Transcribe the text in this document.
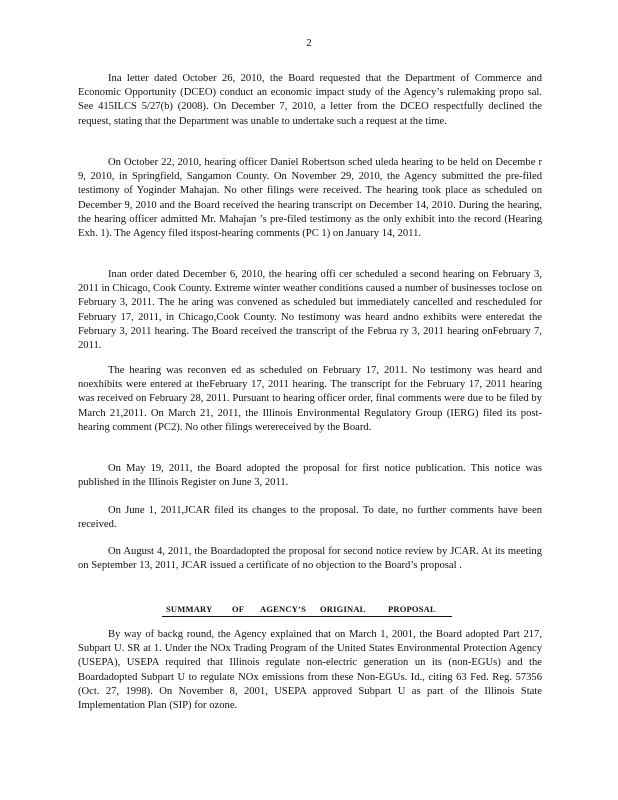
2
Ina letter dated October 26, 2010, the Board requested that the Department of Commerce and Economic Opportunity (DCEO) conduct an economic impact study of the Agency’s rulemaking propo sal. See 415ILCS 5/27(b) (2008). On December 7, 2010, a letter from the DCEO respectfully declined the request, stating that the Department was unable to undertake such a request at the time.
On October 22, 2010, hearing officer Daniel Robertson sched uleda hearing to be held on Decembe r 9, 2010, in Springfield, Sangamon County. On November 29, 2010, the Agency submitted the pre-filed testimony of Yoginder Mahajan. No other filings were received. The hearing took place as scheduled on December 9, 2010 and the Board received the hearing transcript on December 14, 2010. During the hearing, the hearing officer admitted Mr. Mahajan ’s pre-filed testimony as the only exhibit into the record (Hearing Exh. 1). The Agency filed itspost-hearing comments (PC 1) on January 14, 2011.
Inan order dated December 6, 2010, the hearing offi cer scheduled a second hearing on February 3, 2011 in Chicago, Cook County. Extreme winter weather conditions caused a number of businesses toclose on February 3, 2011. The he aring was convened as scheduled but immediately cancelled and rescheduled for February 17, 2011, in Chicago,Cook County. No testimony was heard andno exhibits were enteredat the February 3, 2011 hearing. The Board received the transcript of the Februa ry 3, 2011 hearing onFebruary 7, 2011.
The hearing was reconven ed as scheduled on February 17, 2011. No testimony was heard and noexhibits were entered at theFebruary 17, 2011 hearing. The transcript for the February 17, 2011 hearing was received on February 28, 2011. Pursuant to hearing officer order, final comments were due to be filed by March 21,2011. On March 21, 2011, the Illinois Environmental Regulatory Group (IERG) filed its post-hearing comment (PC2). No other filings werereceived by the Board.
On May 19, 2011, the Board adopted the proposal for first notice publication. This notice was published in the Illinois Register on June 3, 2011.
On June 1, 2011,JCAR filed its changes to the proposal. To date, no further comments have been received.
On August 4, 2011, the Boardadopted the proposal for second notice review by JCAR. At its meeting on September 13, 2011, JCAR issued a certificate of no objection to the Board’s proposal .
SUMMARY OF AGENCY’S ORIGINAL	PROPOSAL
By way of backg round, the Agency explained that on March 1, 2001, the Board adopted Part 217, Subpart U. SR at 1. Under the NOx Trading Program of the United States Environmental Protection Agency (USEPA), USEPA required that Illinois regulate non-electric generation un its (non-EGUs) and the Boardadopted Subpart U to regulate NOx emissions from these Non-EGUs. Id., citing 63 Fed. Reg. 57356 (Oct. 27, 1998). On November 8, 2001, USEPA approved Subpart U as part of the Illinois State Implementation Plan (SIP) for ozone.
